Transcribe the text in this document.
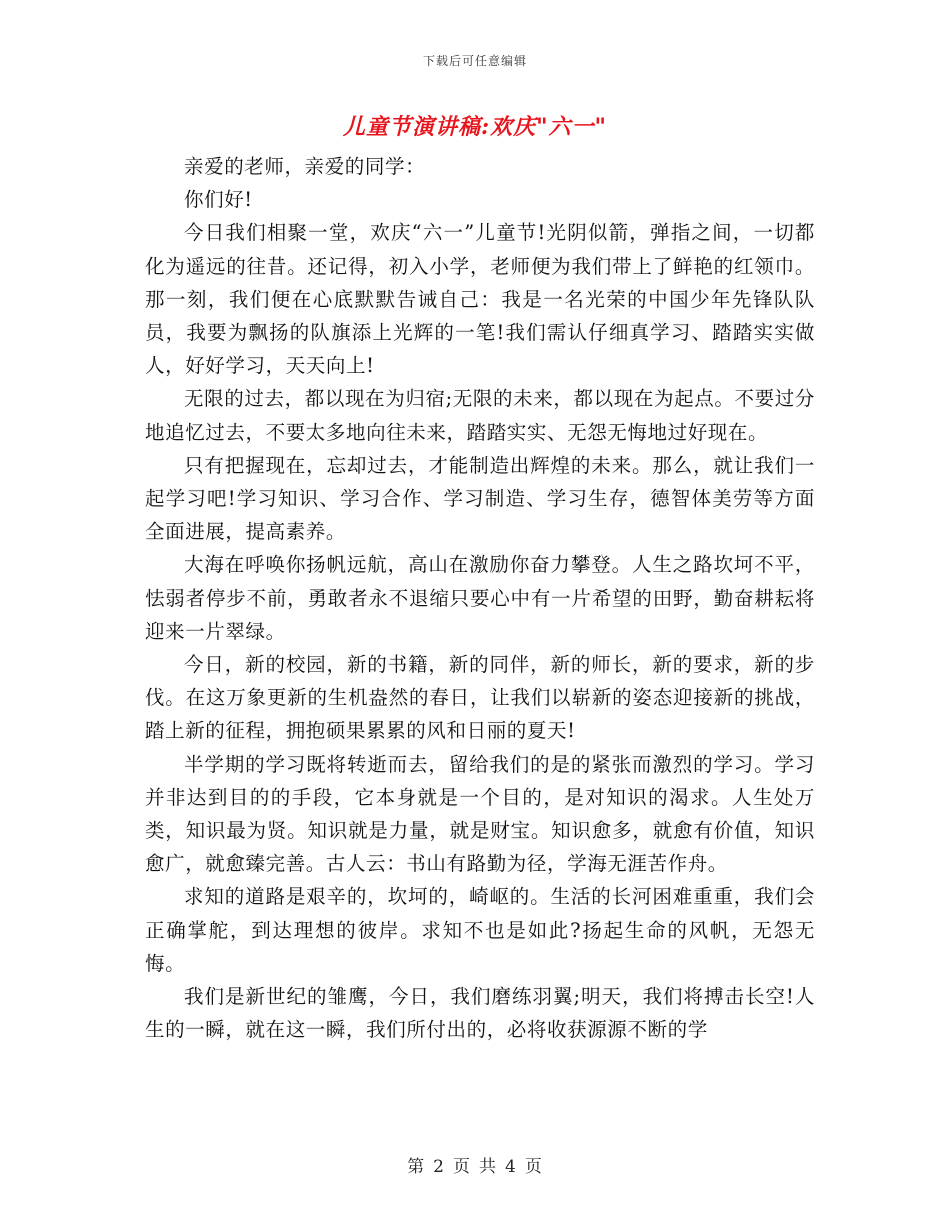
下载后可任意编辑
儿童节演讲稿:欢庆"六一"

亲爱的老师，亲爱的同学：

你们好!

今日我们相聚一堂，欢庆“六一”儿童节!光阴似箭，弹指之间，一切都化为遥远的往昔。还记得，初入小学，老师便为我们带上了鲜艳的红领巾。那一刻，我们便在心底默默告诫自己：我是一名光荣的中国少年先锋队队员，我要为飘扬的队旗添上光辉的一笔!我们需认仔细真学习、踏踏实实做人，好好学习，天天向上!

无限的过去，都以现在为归宿;无限的未来，都以现在为起点。不要过分地追忆过去，不要太多地向往未来，踏踏实实、无怨无悔地过好现在。

只有把握现在，忘却过去，才能制造出辉煌的未来。那么，就让我们一起学习吧!学习知识、学习合作、学习制造、学习生存，德智体美劳等方面全面进展，提高素养。

大海在呼唤你扬帆远航，高山在激励你奋力攀登。人生之路坎坷不平，怯弱者停步不前，勇敢者永不退缩只要心中有一片希望的田野，勤奋耕耘将迎来一片翠绿。

今日，新的校园，新的书籍，新的同伴，新的师长，新的要求，新的步伐。在这万象更新的生机盎然的春日，让我们以崭新的姿态迎接新的挑战，踏上新的征程，拥抱硕果累累的风和日丽的夏天!

半学期的学习既将转逝而去，留给我们的是的紧张而激烈的学习。学习并非达到目的的手段，它本身就是一个目的，是对知识的渴求。人生处万类，知识最为贤。知识就是力量，就是财宝。知识愈多，就愈有价值，知识愈广，就愈臻完善。古人云：书山有路勤为径，学海无涯苦作舟。

求知的道路是艰辛的，坎坷的，崎岖的。生活的长河困难重重，我们会正确掌舵，到达理想的彼岸。求知不也是如此?扬起生命的风帆，无怨无悔。

我们是新世纪的雏鹰，今日，我们磨练羽翼;明天，我们将搏击长空!人生的一瞬，就在这一瞬，我们所付出的，必将收获源源不断的学

第 2 页 共 4 页
